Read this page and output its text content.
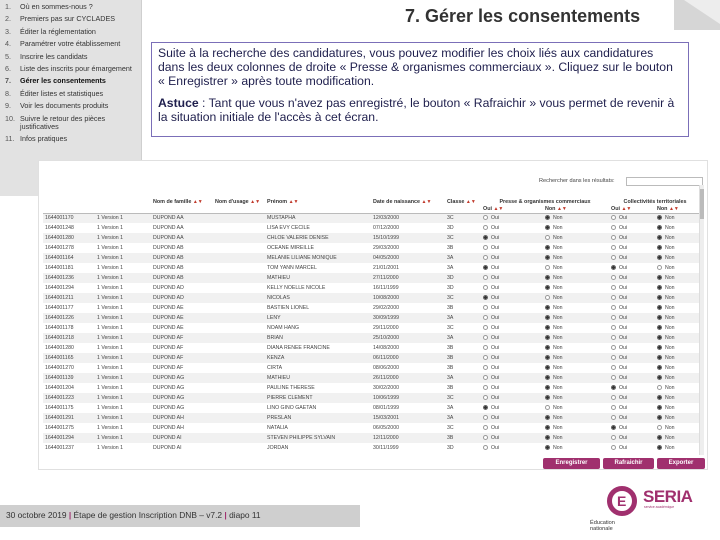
1.	Où en sommes-nous ?
2.	Premiers pas sur CYCLADES
3.	Éditer la réglementation
4.	Paramétrer votre établissement
5.	Inscrire les candidats
6.	Liste des inscrits pour émargement
7.	Gérer les consentements
8.	Éditer listes et statistiques
9.	Voir les documents produits
10. Suivre le retour des pièces justificatives
11. Infos pratiques
7. Gérer les consentements

Suite à la recherche des candidatures, vous pouvez modifier les choix liés aux candidatures dans les deux colonnes de droite « Presse & organismes commerciaux ». Cliquez sur le bouton « Enregistrer » après toute modification.

Astuce : Tant que vous n'avez pas enregistré, le bouton « Rafraichir » vous permet de revenir à la situation initiale de l'accès à cet écran.

Rechercher dans les résultats:
		Nom de famille ▲▼	Nom d'usage ▲▼	Prénom ▲▼	Date de naissance ▲▼	Classe ▲▼	Presse & organismes commerciaux		Collectivités territoriales	
							Oui ▲▼	Non ▲▼	Oui ▲▼	Non ▲▼
1644001170	1 Version 1	DUPOND AA		MUSTAPHA	12/03/2000	3C	Oui	Non	Oui	Non
1644001248	1 Version 1	DUPOND AA		LISA EVY CECILE	07/12/2000	3D	Oui	Non	Oui	Non
1644001280	1 Version 1	DUPOND AA		CHLOE VALERIE DENISE	15/10/1999	3C	Oui	Non	Oui	Non
1644001278	1 Version 1	DUPOND AB		OCEANE MIREILLE	29/03/2000	3B	Oui	Non	Oui	Non
1644001164	1 Version 1	DUPOND AB		MELANIE LILIANE MONIQUE	04/05/2000	3A	Oui	Non	Oui	Non
1644001181	1 Version 1	DUPOND AB		TOM YANN MARCEL	21/01/2001	3A	Oui	Non	Oui	Non
1644001236	1 Version 1	DUPOND AB		MATHIEU	27/11/2000	3D	Oui	Non	Oui	Non
1644001294	1 Version 1	DUPOND AD		KELLY NOELLE NICOLE	16/11/1999	3D	Oui	Non	Oui	Non
1644001211	1 Version 1	DUPOND AD		NICOLAS	10/08/2000	3C	Oui	Non	Oui	Non
1644001177	1 Version 1	DUPOND AE		BASTIEN LIONEL	29/02/2000	3B	Oui	Non	Oui	Non
1644001226	1 Version 1	DUPOND AE		LENY	30/09/1999	3A	Oui	Non	Oui	Non
1644001178	1 Version 1	DUPOND AE		NOAM HANG	29/11/2000	3C	Oui	Non	Oui	Non
1644001218	1 Version 1	DUPOND AF		BRIAN	25/10/2000	3A	Oui	Non	Oui	Non
1644001280	1 Version 1	DUPOND AF		DIANA RENEE FRANCINE	14/08/2000	3B	Oui	Non	Oui	Non
1644001165	1 Version 1	DUPOND AF		KENZA	06/11/2000	3B	Oui	Non	Oui	Non
1644001270	1 Version 1	DUPOND AF		CIRTA	08/06/2000	3B	Oui	Non	Oui	Non
1644001139	1 Version 1	DUPOND AG		MATHIEU	26/11/2000	3A	Oui	Non	Oui	Non
1644001204	1 Version 1	DUPOND AG		PAULINE THERESE	30/02/2000	3B	Oui	Non	Oui	Non
1644001223	1 Version 1	DUPOND AG		PIERRE CLEMENT	10/06/1999	3C	Oui	Non	Oui	Non
1644001175	1 Version 1	DUPOND AG		LINO GINO GAETAN	08/01/1999	3A	Oui	Non	Oui	Non
1644001291	1 Version 1	DUPOND AH		PRESLAN	15/03/2001	3A	Oui	Non	Oui	Non
1644001275	1 Version 1	DUPOND AH		NATALIA	06/05/2000	3C	Oui	Non	Oui	Non
1644001294	1 Version 1	DUPOND AI		STEVEN PHILIPPE SYLVAIN	12/11/2000	3B	Oui	Non	Oui	Non
1644001237	1 Version 1	DUPOND AI		JORDAN	30/11/1999	3D	Oui	Non	Oui	Non
Enregistrer	Rafraichir	Exporter
30 octobre 2019 | Étape de gestion Inscription DNB – v7.2 | diapo 11
E SERIA
service académique
Éducation
nationale
